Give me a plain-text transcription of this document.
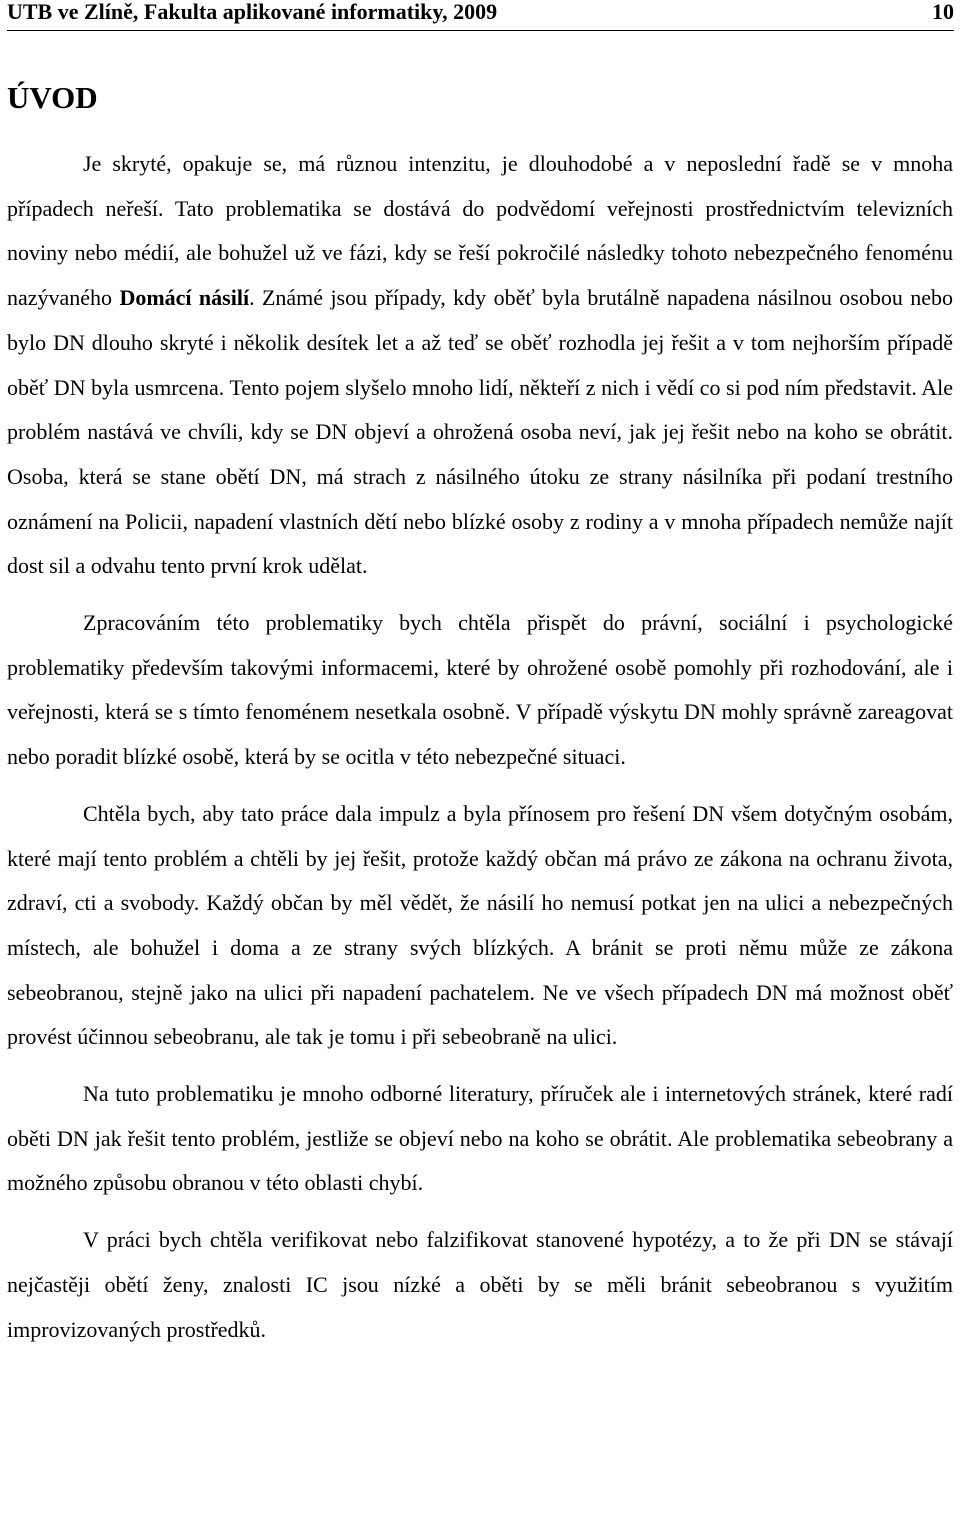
UTB ve Zlíně, Fakulta aplikované informatiky, 2009	10
ÚVOD

Je skryté, opakuje se, má různou intenzitu, je dlouhodobé a v neposlední řadě se v mnoha případech neřeší. Tato problematika se dostává do podvědomí veřejnosti prostřednictvím televizních noviny nebo médií, ale bohužel už ve fázi, kdy se řeší pokročilé následky tohoto nebezpečného fenoménu nazývaného Domácí násilí. Známé jsou případy, kdy oběť byla brutálně napadena násilnou osobou nebo bylo DN dlouho skryté i několik desítek let a až teď se oběť rozhodla jej řešit a v tom nejhorším případě oběť DN byla usmrcena. Tento pojem slyšelo mnoho lidí, někteří z nich i vědí co si pod ním představit. Ale problém nastává ve chvíli, kdy se DN objeví a ohrožená osoba neví, jak jej řešit nebo na koho se obrátit. Osoba, která se stane obětí DN, má strach z násilného útoku ze strany násilníka při podaní trestního oznámení na Policii, napadení vlastních dětí nebo blízké osoby z rodiny a v mnoha případech nemůže najít dost sil a odvahu tento první krok udělat.

Zpracováním této problematiky bych chtěla přispět do právní, sociální i psychologické problematiky především takovými informacemi, které by ohrožené osobě pomohly při rozhodování, ale i veřejnosti, která se s tímto fenoménem nesetkala osobně. V případě výskytu DN mohly správně zareagovat nebo poradit blízké osobě, která by se ocitla v této nebezpečné situaci.

Chtěla bych, aby tato práce dala impulz a byla přínosem pro řešení DN všem dotyčným osobám, které mají tento problém a chtěli by jej řešit, protože každý občan má právo ze zákona na ochranu života, zdraví, cti a svobody. Každý občan by měl vědět, že násilí ho nemusí potkat jen na ulici a nebezpečných místech, ale bohužel i doma a ze strany svých blízkých. A bránit se proti němu může ze zákona sebeobranou, stejně jako na ulici při napadení pachatelem. Ne ve všech případech DN má možnost oběť provést účinnou sebeobranu, ale tak je tomu i při sebeobraně na ulici.

Na tuto problematiku je mnoho odborné literatury, příruček ale i internetových stránek, které radí oběti DN jak řešit tento problém, jestliže se objeví nebo na koho se obrátit. Ale problematika sebeobrany a možného způsobu obranou v této oblasti chybí.

V práci bych chtěla verifikovat nebo falzifikovat stanovené hypotézy, a to že při DN se stávají nejčastěji obětí ženy, znalosti IC jsou nízké a oběti by se měli bránit sebeobranou s využitím improvizovaných prostředků.
